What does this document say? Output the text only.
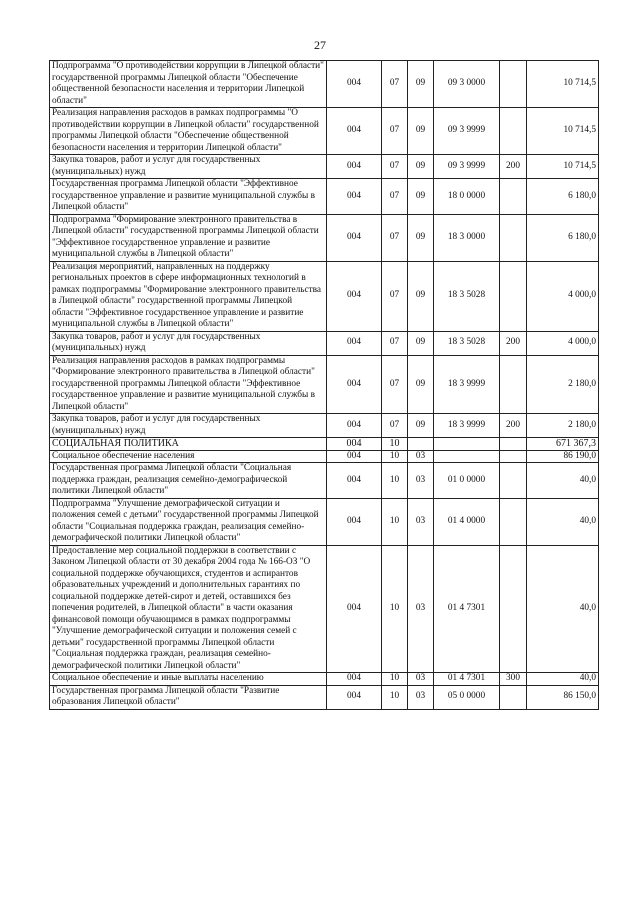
27
Подпрограмма "О противодействии коррупции в Липецкой области" государственной программы Липецкой области "Обеспечение общественной безопасности населения и территории Липецкой области"	004	07	09	09 3 0000		10 714,5
Реализация направления расходов в рамках подпрограммы "О противодействии коррупции в Липецкой области" государственной программы Липецкой области "Обеспечение общественной безопасности населения и территории Липецкой области"	004	07	09	09 3 9999		10 714,5
Закупка товаров, работ и услуг для государственных (муниципальных) нужд	004	07	09	09 3 9999	200	10 714,5
Государственная программа Липецкой области "Эффективное государственное управление и развитие муниципальной службы в Липецкой области"	004	07	09	18 0 0000		6 180,0
Подпрограмма "Формирование электронного правительства в Липецкой области" государственной программы Липецкой области "Эффективное государственное управление и развитие муниципальной службы в Липецкой области"	004	07	09	18 3 0000		6 180,0
Реализация мероприятий, направленных на поддержку региональных проектов в сфере информационных технологий в рамках подпрограммы "Формирование электронного правительства в Липецкой области" государственной программы Липецкой области "Эффективное государственное управление и развитие муниципальной службы в Липецкой области"	004	07	09	18 3 5028		4 000,0
Закупка товаров, работ и услуг для государственных (муниципальных) нужд	004	07	09	18 3 5028	200	4 000,0
Реализация направления расходов в рамках подпрограммы "Формирование электронного правительства в Липецкой области" государственной программы Липецкой области "Эффективное государственное управление и развитие муниципальной службы в Липецкой области"	004	07	09	18 3 9999		2 180,0
Закупка товаров, работ и услуг для государственных (муниципальных) нужд	004	07	09	18 3 9999	200	2 180,0
СОЦИАЛЬНАЯ ПОЛИТИКА	004	10				671 367,3
Социальное обеспечение населения	004	10	03			86 190,0
Государственная программа Липецкой области "Социальная поддержка граждан, реализация семейно-демографической политики Липецкой области"	004	10	03	01 0 0000		40,0
Подпрограмма "Улучшение демографической ситуации и положения семей с детьми" государственной программы Липецкой области "Социальная поддержка граждан, реализация семейно-демографической политики Липецкой области"	004	10	03	01 4 0000		40,0
Предоставление мер социальной поддержки в соответствии с Законом Липецкой области от 30 декабря 2004 года № 166-ОЗ "О социальной поддержке обучающихся, студентов и аспирантов образовательных учреждений и дополнительных гарантиях по социальной поддержке детей-сирот и детей, оставшихся без попечения родителей, в Липецкой области" в части оказания финансовой помощи обучающимся в рамках подпрограммы "Улучшение демографической ситуации и положения семей с детьми" государственной программы Липецкой области "Социальная поддержка граждан, реализация семейно-демографической политики Липецкой области"	004	10	03	01 4 7301		40,0
Социальное обеспечение и иные выплаты населению	004	10	03	01 4 7301	300	40,0
Государственная программа Липецкой области "Развитие образования Липецкой области"	004	10	03	05 0 0000		86 150,0
